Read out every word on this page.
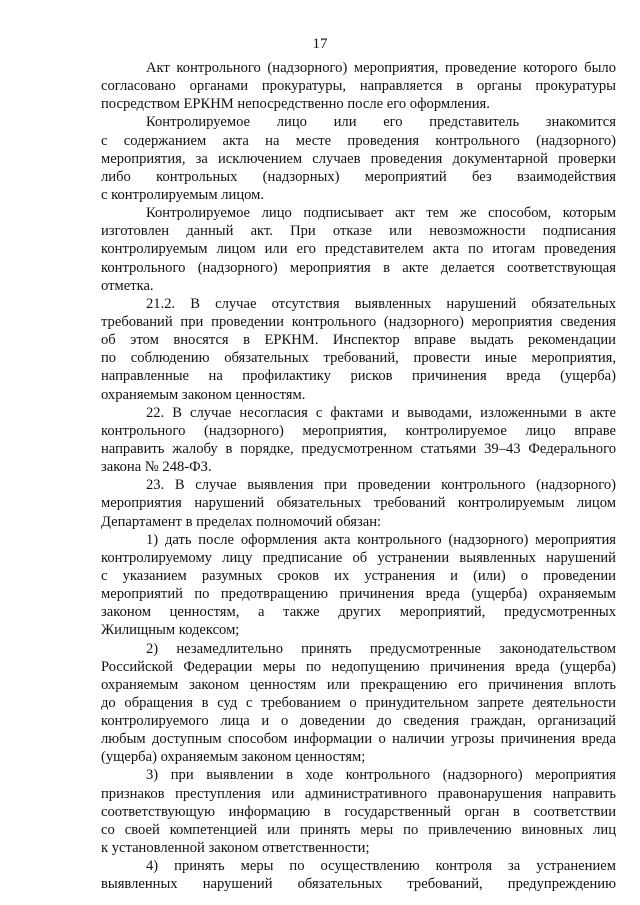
17
Акт контрольного (надзорного) мероприятия, проведение которого было
согласовано органами прокуратуры, направляется в органы прокуратуры
посредством ЕРКНМ непосредственно после его оформления.
Контролируемое лицо или его представитель знакомится
с содержанием акта на месте проведения контрольного (надзорного)
мероприятия, за исключением случаев проведения документарной проверки
либо контрольных (надзорных) мероприятий без взаимодействия
с контролируемым лицом.
Контролируемое лицо подписывает акт тем же способом, которым
изготовлен данный акт. При отказе или невозможности подписания
контролируемым лицом или его представителем акта по итогам проведения
контрольного (надзорного) мероприятия в акте делается соответствующая
отметка.
21.2. В случае отсутствия выявленных нарушений обязательных
требований при проведении контрольного (надзорного) мероприятия сведения
об этом вносятся в ЕРКНМ. Инспектор вправе выдать рекомендации
по соблюдению обязательных требований, провести иные мероприятия,
направленные на профилактику рисков причинения вреда (ущерба)
охраняемым законом ценностям.
22. В случае несогласия с фактами и выводами, изложенными в акте
контрольного (надзорного) мероприятия, контролируемое лицо вправе
направить жалобу в порядке, предусмотренном статьями 39–43 Федерального
закона № 248-ФЗ.
23. В случае выявления при проведении контрольного (надзорного)
мероприятия нарушений обязательных требований контролируемым лицом
Департамент в пределах полномочий обязан:
1) дать после оформления акта контрольного (надзорного) мероприятия
контролируемому лицу предписание об устранении выявленных нарушений
с указанием разумных сроков их устранения и (или) о проведении
мероприятий по предотвращению причинения вреда (ущерба) охраняемым
законом ценностям, а также других мероприятий, предусмотренных
Жилищным кодексом;
2) незамедлительно принять предусмотренные законодательством
Российской Федерации меры по недопущению причинения вреда (ущерба)
охраняемым законом ценностям или прекращению его причинения вплоть
до обращения в суд с требованием о принудительном запрете деятельности
контролируемого лица и о доведении до сведения граждан, организаций
любым доступным способом информации о наличии угрозы причинения вреда
(ущерба) охраняемым законом ценностям;
3) при выявлении в ходе контрольного (надзорного) мероприятия
признаков преступления или административного правонарушения направить
соответствующую информацию в государственный орган в соответствии
со своей компетенцией или принять меры по привлечению виновных лиц
к установленной законом ответственности;
4) принять меры по осуществлению контроля за устранением
выявленных нарушений обязательных требований, предупреждению
